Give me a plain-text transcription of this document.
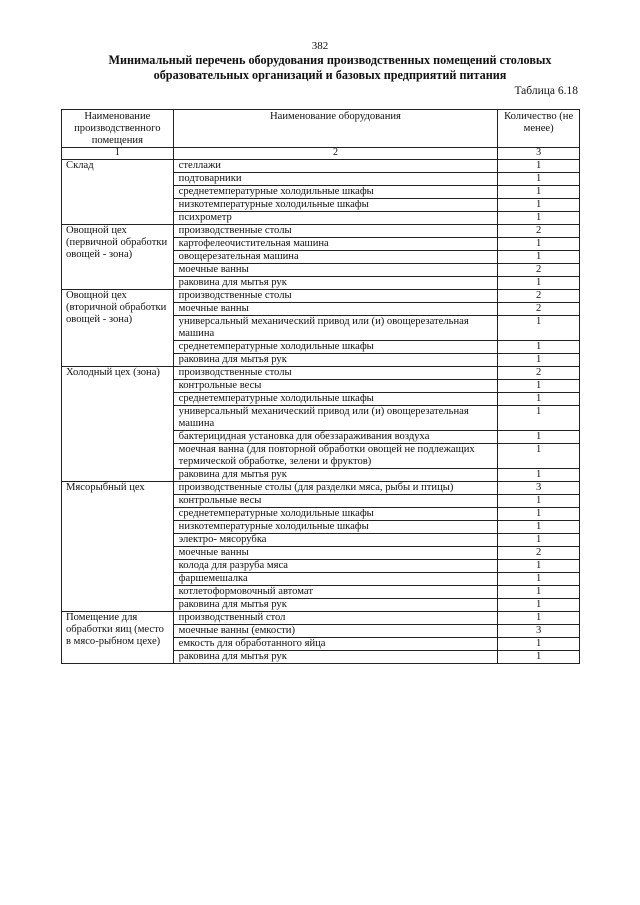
382
Минимальный перечень оборудования производственных помещений столовых
образовательных организаций и базовых предприятий питания
Таблица 6.18
Наименование производственного помещения	Наименование оборудования	Количество (не менее)
1	2	3
Склад	стеллажи	1
	подтоварники	1
	среднетемпературные холодильные шкафы	1
	низкотемпературные холодильные шкафы	1
	психрометр	1
Овощной цех (первичной обработки овощей - зона)	производственные столы	2
	картофелеочистительная машина	1
	овощерезательная машина	1
	моечные ванны	2
	раковина для мытья рук	1
Овощной цех (вторичной обработки овощей - зона)	производственные столы	2
	моечные ванны	2
	универсальный механический привод или (и) овощерезательная машина	1
	среднетемпературные холодильные шкафы	1
	раковина для мытья рук	1
Холодный цех (зона)	производственные столы	2
	контрольные весы	1
	среднетемпературные холодильные шкафы	1
	универсальный механический привод или (и) овощерезательная машина	1
	бактерицидная установка для обеззараживания воздуха	1
	моечная ванна (для повторной обработки овощей не подлежащих термической обработке, зелени и фруктов)	1
	раковина для мытья рук	1
Мясорыбный цех	производственные столы (для разделки мяса, рыбы и птицы)	3
	контрольные весы	1
	среднетемпературные холодильные шкафы	1
	низкотемпературные холодильные шкафы	1
	электро- мясорубка	1
	моечные ванны	2
	колода для разруба мяса	1
	фаршемешалка	1
	котлетоформовочный автомат	1
	раковина для мытья рук	1
Помещение для обработки яиц (место в мясо-рыбном цехе)	производственный стол	1
	моечные ванны (емкости)	3
	емкость для обработанного яйца	1
	раковина для мытья рук	1
